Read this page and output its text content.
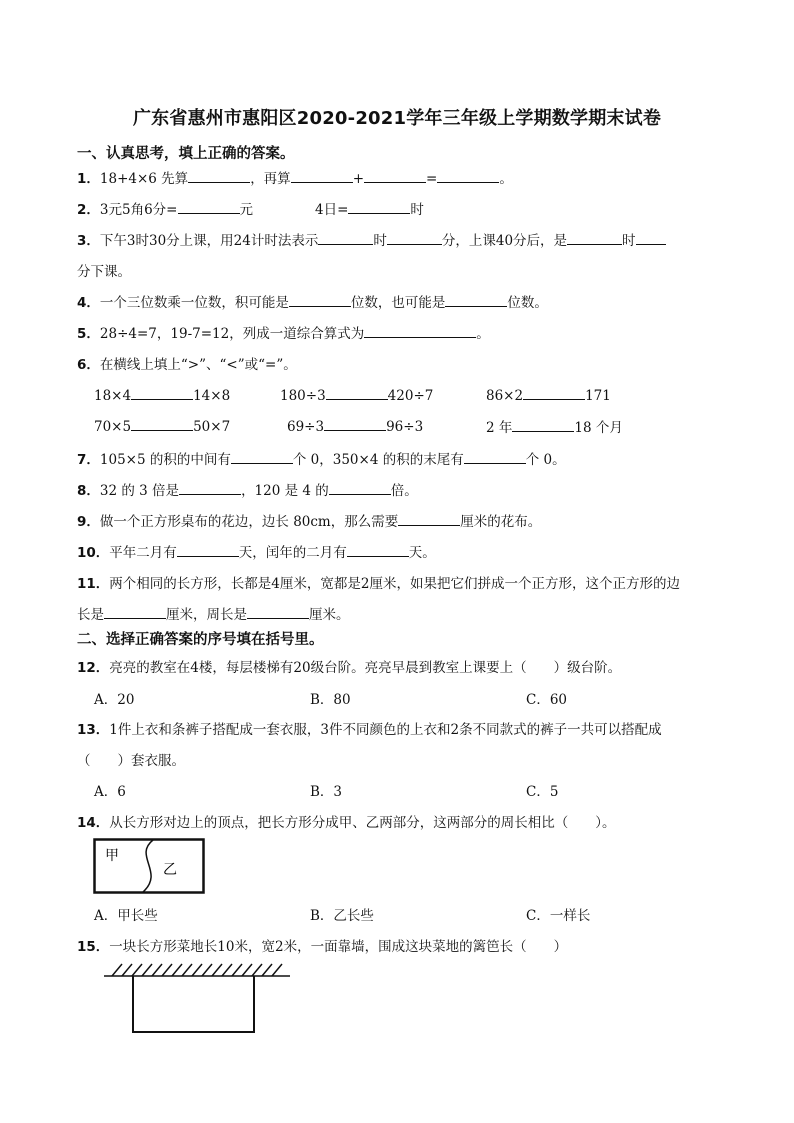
广东省惠州市惠阳区2020-2021学年三年级上学期数学期末试卷
一、认真思考，填上正确的答案。
1．18+4×6 先算	，再算	+	=	。
2．3元5角6分=	元	4日=	时
3．下午3时30分上课，用24计时法表示	时	分，上课40分后，是	时
分下课。
4．一个三位数乘一位数，积可能是	位数，也可能是	位数。
5．28÷4=7，19-7=12，列成一道综合算式为	。
6．在横线上填上“>”、“<”或“=”。
18×4	14×8	180÷3	420÷7	86×2	171
70×5	50×7	69÷3	96÷3	2 年	18 个月
7．105×5 的积的中间有	个 0，350×4 的积的末尾有	个 0。
8．32 的 3 倍是	，120 是 4 的	倍。
9．做一个正方形桌布的花边，边长 80cm，那么需要	厘米的花布。
10．平年二月有	天，闰年的二月有	天。
11．两个相同的长方形，长都是4厘米，宽都是2厘米，如果把它们拼成一个正方形，这个正方形的边
长是	厘米，周长是	厘米。
二、选择正确答案的序号填在括号里。
12．亮亮的教室在4楼，每层楼梯有20级台阶。亮亮早晨到教室上课要上（　　）级台阶。
A．20	B．80	C．60
13．1件上衣和条裤子搭配成一套衣服，3件不同颜色的上衣和2条不同款式的裤子一共可以搭配成
（　　）套衣服。
A．6	B．3	C．5
14．从长方形对边上的顶点，把长方形分成甲、乙两部分，这两部分的周长相比（　　）。
甲
乙
A．甲长些	B．乙长些	C．一样长
15．一块长方形菜地长10米，宽2米，一面靠墙，围成这块菜地的篱笆长（　　）
